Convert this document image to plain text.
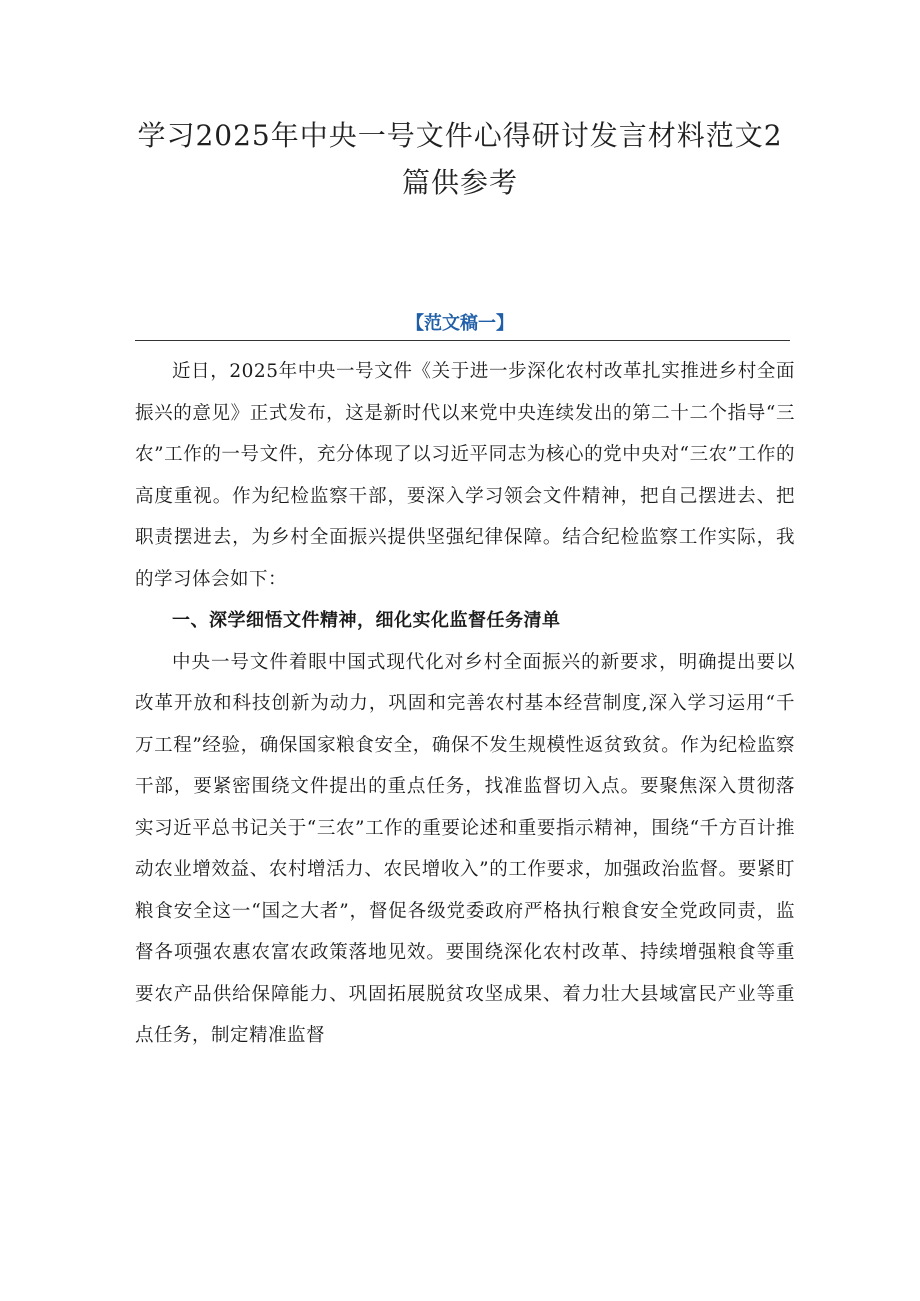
学习2025年中央一号文件心得研讨发言材料范文2篇供参考
【范文稿一】

近日，2025年中央一号文件《关于进一步深化农村改革扎实推进乡村全面振兴的意见》正式发布，这是新时代以来党中央连续发出的第二十二个指导“三农”工作的一号文件，充分体现了以习近平同志为核心的党中央对“三农”工作的高度重视。作为纪检监察干部，要深入学习领会文件精神，把自己摆进去、把职责摆进去，为乡村全面振兴提供坚强纪律保障。结合纪检监察工作实际，我的学习体会如下：

一、深学细悟文件精神，细化实化监督任务清单

中央一号文件着眼中国式现代化对乡村全面振兴的新要求，明确提出要以改革开放和科技创新为动力，巩固和完善农村基本经营制度,深入学习运用“千万工程”经验，确保国家粮食安全，确保不发生规模性返贫致贫。作为纪检监察干部，要紧密围绕文件提出的重点任务，找准监督切入点。要聚焦深入贯彻落实习近平总书记关于“三农”工作的重要论述和重要指示精神，围绕“千方百计推动农业增效益、农村增活力、农民增收入”的工作要求，加强政治监督。要紧盯粮食安全这一“国之大者”，督促各级党委政府严格执行粮食安全党政同责，监督各项强农惠农富农政策落地见效。要围绕深化农村改革、持续增强粮食等重要农产品供给保障能力、巩固拓展脱贫攻坚成果、着力壮大县域富民产业等重点任务，制定精准监督
